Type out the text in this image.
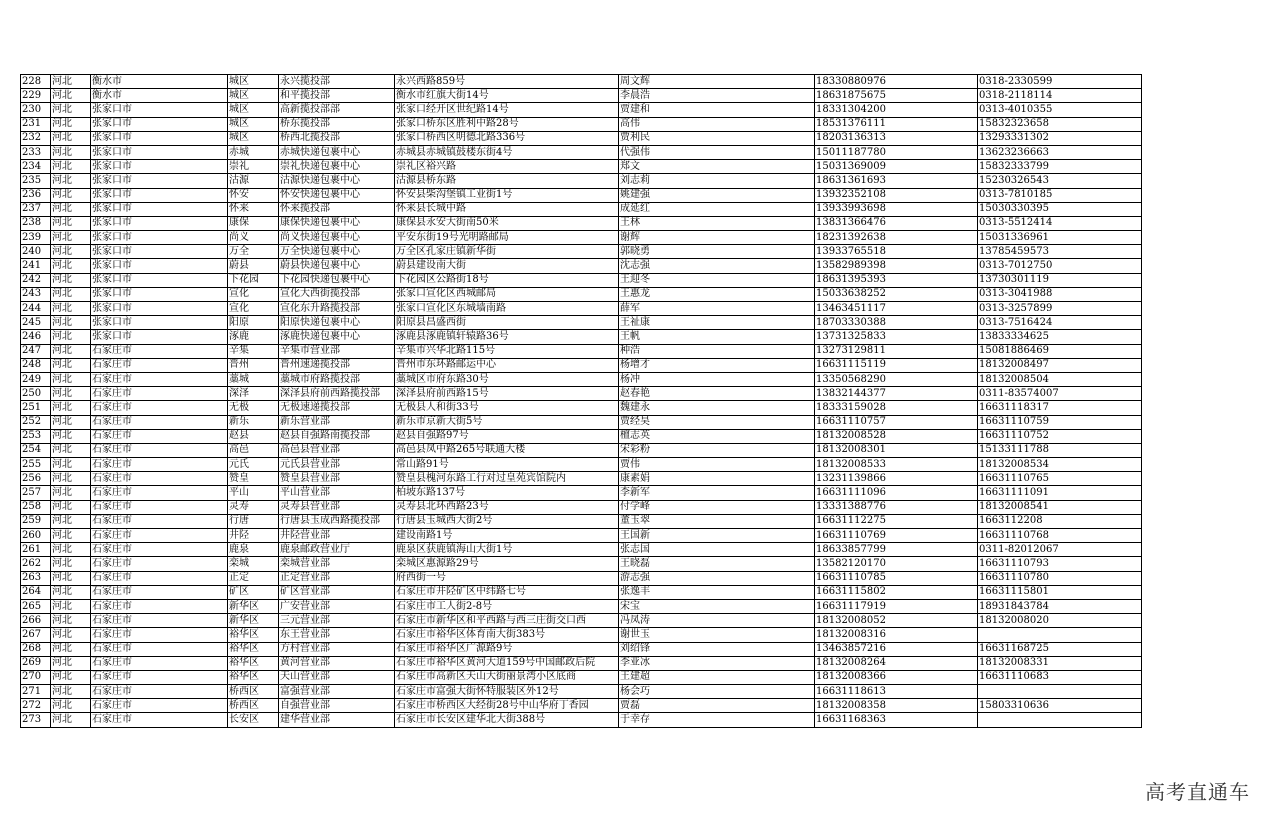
228	河北	衡水市	城区	永兴揽投部	永兴西路859号	周文辉	18330880976	0318-2330599
229	河北	衡水市	城区	和平揽投部	衡水市红旗大街14号	李晨浩	18631875675	0318-2118114
230	河北	张家口市	城区	高新揽投部部	张家口经开区世纪路14号	贾建和	18331304200	0313-4010355
231	河北	张家口市	城区	桥东揽投部	张家口桥东区胜利中路28号	高伟	18531376111	15832323658
232	河北	张家口市	城区	桥西北揽投部	张家口桥西区明德北路336号	贾利民	18203136313	13293331302
233	河北	张家口市	赤城	赤城快递包裹中心	赤城县赤城镇鼓楼东街4号	代强伟	15011187780	13623236663
234	河北	张家口市	崇礼	崇礼快递包裹中心	崇礼区裕兴路	郑文	15031369009	15832333799
235	河北	张家口市	沽源	沽源快递包裹中心	沽源县桥东路	刘志莉	18631361693	15230326543
236	河北	张家口市	怀安	怀安快递包裹中心	怀安县柴沟堡镇工业街1号	姚建强	13932352108	0313-7810185
237	河北	张家口市	怀来	怀来揽投部	怀来县长城中路	成延红	13933993698	15030330395
238	河北	张家口市	康保	康保快递包裹中心	康保县永安大街南50米	王林	13831366476	0313-5512414
239	河北	张家口市	尚义	尚义快递包裹中心	平安东街19号光明路邮局	谢辉	18231392638	15031336961
240	河北	张家口市	万全	万全快递包裹中心	万全区孔家庄镇新华街	郭晓勇	13933765518	13785459573
241	河北	张家口市	蔚县	蔚县快递包裹中心	蔚县建设南大街	沈志强	13582989398	0313-7012750
242	河北	张家口市	下花园	下花园快递包裹中心	下花园区公路街18号	王迎冬	18631395393	13730301119
243	河北	张家口市	宣化	宣化大西街揽投部	张家口宣化区西城邮局	王惠龙	15033638252	0313-3041988
244	河北	张家口市	宣化	宣化东升路揽投部	张家口宣化区东城墙南路	薛军	13463451117	0313-3257899
245	河北	张家口市	阳原	阳原快递包裹中心	阳原县昌盛西街	王祉康	18703330388	0313-7516424
246	河北	张家口市	涿鹿	涿鹿快递包裹中心	涿鹿县涿鹿镇轩辕路36号	王帆	13731325833	13833334625
247	河北	石家庄市	辛集	辛集市营业部	辛集市兴华北路115号	种浩	13273129811	15081886469
248	河北	石家庄市	晋州	晋州速递揽投部	晋州市东环路邮运中心	杨增才	16631115119	18132008497
249	河北	石家庄市	藁城	藁城市府路揽投部	藁城区市府东路30号	杨冲	13350568290	18132008504
250	河北	石家庄市	深泽	深泽县府前西路揽投部	深泽县府前西路15号	赵春艳	13832144377	0311-83574007
251	河北	石家庄市	无极	无极速递揽投部	无极县人和街33号	魏建永	18333159028	16631118317
252	河北	石家庄市	新乐	新乐营业部	新乐市京新大街5号	贾经昊	16631110757	16631110759
253	河北	石家庄市	赵县	赵县自强路南揽投部	赵县自强路97号	檀志英	18132008528	16631110752
254	河北	石家庄市	高邑	高邑县营业部	高邑县凤中路265号联通大楼	宋彩粉	18132008301	15133111788
255	河北	石家庄市	元氏	元氏县营业部	常山路91号	贾伟	18132008533	18132008534
256	河北	石家庄市	赞皇	赞皇县营业部	赞皇县槐河东路工行对过皇苑宾馆院内	康素娟	13231139866	16631110765
257	河北	石家庄市	平山	平山营业部	柏坡东路137号	李新军	16631111096	16631111091
258	河北	石家庄市	灵寿	灵寿县营业部	灵寿县北环西路23号	付学峰	13331388776	18132008541
259	河北	石家庄市	行唐	行唐县玉成西路揽投部	行唐县玉城西大街2号	董玉翠	16631112275	1663112208
260	河北	石家庄市	井陉	井陉营业部	建设南路1号	王国新	16631110769	16631110768
261	河北	石家庄市	鹿泉	鹿泉邮政营业厅	鹿泉区获鹿镇海山大街1号	张志国	18633857799	0311-82012067
262	河北	石家庄市	栾城	栾城营业部	栾城区惠源路29号	王晓磊	13582120170	16631110793
263	河北	石家庄市	正定	正定营业部	府西街一号	游志强	16631110785	16631110780
264	河北	石家庄市	矿区	矿区营业部	石家庄市井陉矿区中纬路七号	张逸丰	16631115802	16631115801
265	河北	石家庄市	新华区	广安营业部	石家庄市工人街2-8号	宋宝	16631117919	18931843784
266	河北	石家庄市	新华区	三元营业部	石家庄市新华区和平西路与西三庄街交口西	冯凤涛	18132008052	18132008020
267	河北	石家庄市	裕华区	东王营业部	石家庄市裕华区体育南大街383号	谢世玉	18132008316	
268	河北	石家庄市	裕华区	方村营业部	石家庄市裕华区广源路9号	刘绍锋	13463857216	16631168725
269	河北	石家庄市	裕华区	黄河营业部	石家庄市裕华区黄河大道159号中国邮政后院	李亚冰	18132008264	18132008331
270	河北	石家庄市	裕华区	天山营业部	石家庄市高新区天山大街丽景湾小区底商	王建超	18132008366	16631110683
271	河北	石家庄市	桥西区	富强营业部	石家庄市富强大街怀特服装区外12号	杨会巧	16631118613	
272	河北	石家庄市	桥西区	自强营业部	石家庄市桥西区大经街28号中山华府丁香园	贾磊	18132008358	15803310636
273	河北	石家庄市	长安区	建华营业部	石家庄市长安区建华北大街388号	于幸存	16631168363	
高考直通车
